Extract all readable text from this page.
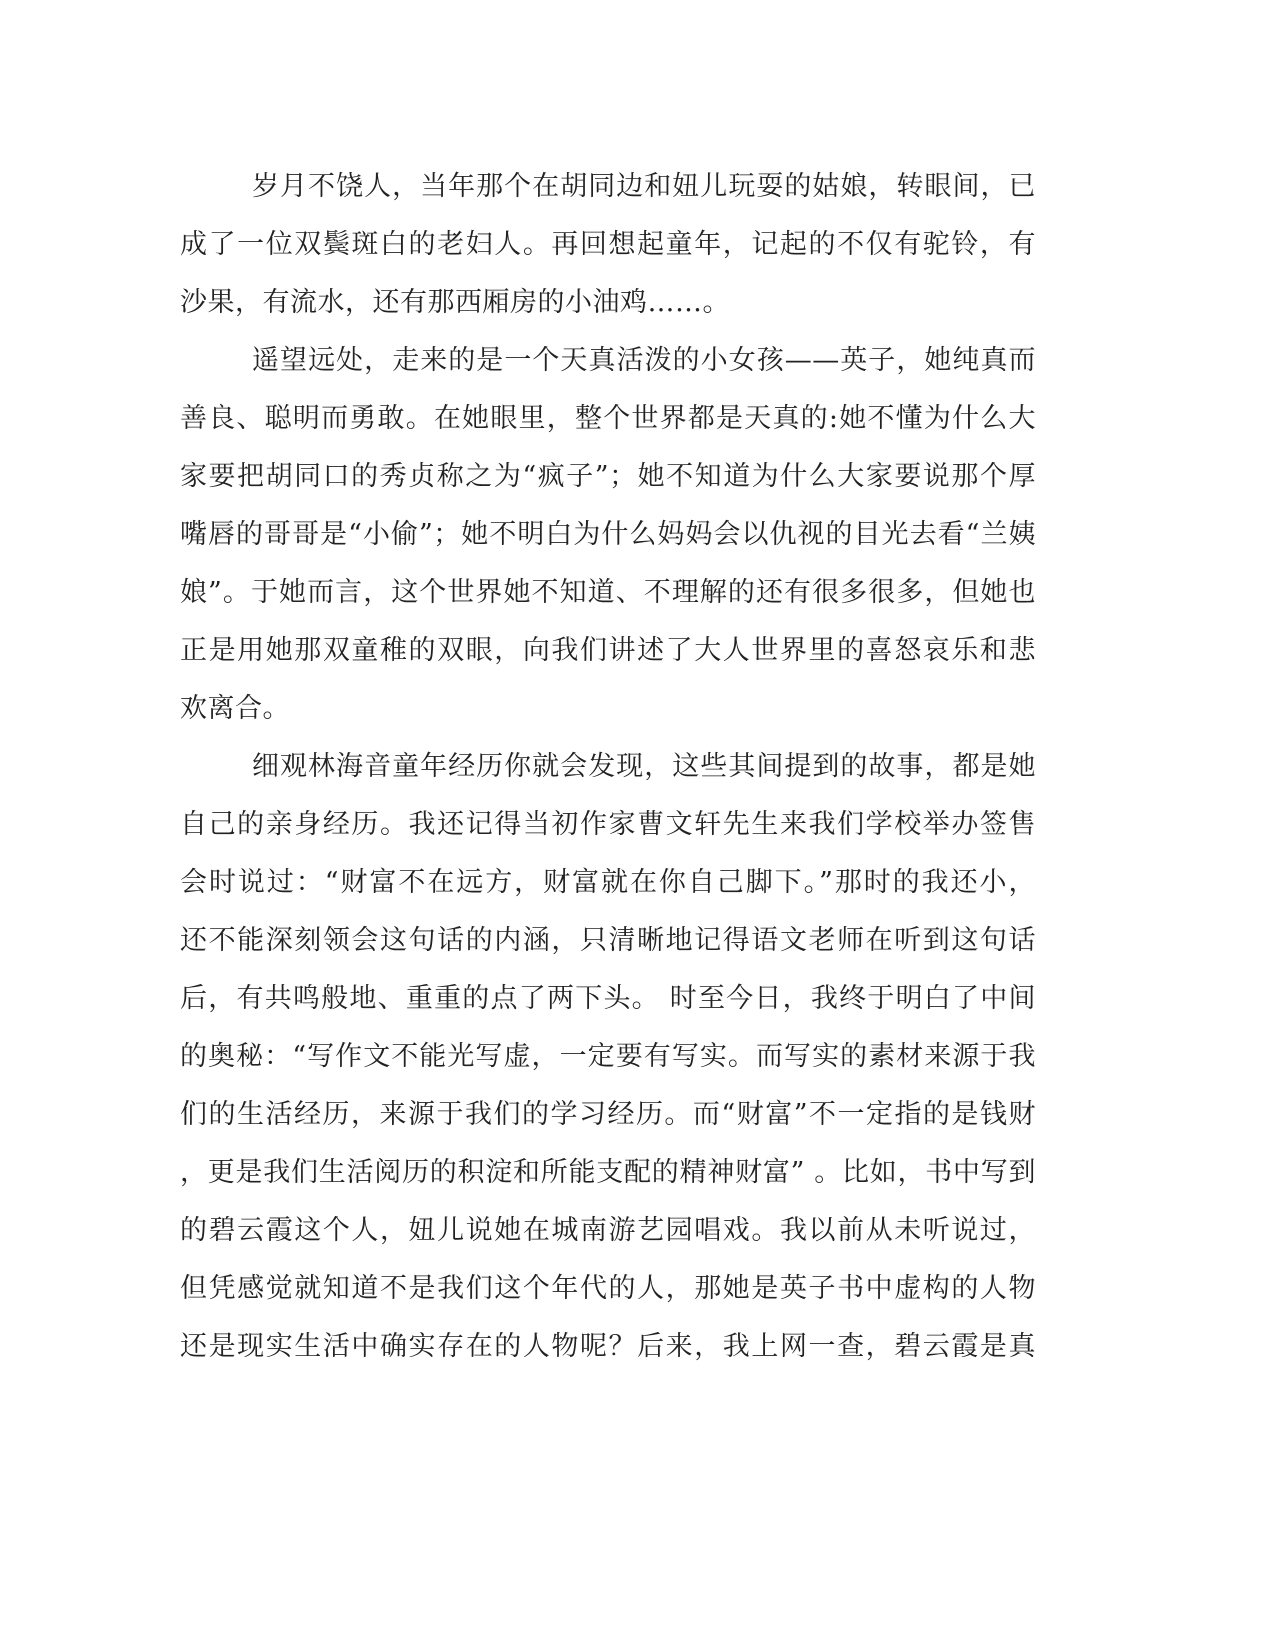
岁月不饶人，当年那个在胡同边和妞儿玩耍的姑娘，转眼间，已
成了一位双鬓斑白的老妇人。再回想起童年，记起的不仅有驼铃，有
沙果，有流水，还有那西厢房的小油鸡……。
遥望远处，走来的是一个天真活泼的小女孩——英子，她纯真而
善良、聪明而勇敢。在她眼里，整个世界都是天真的:她不懂为什么大
家要把胡同口的秀贞称之为“疯子”；她不知道为什么大家要说那个厚
嘴唇的哥哥是“小偷”；她不明白为什么妈妈会以仇视的目光去看“兰姨
娘”。于她而言，这个世界她不知道、不理解的还有很多很多，但她也
正是用她那双童稚的双眼，向我们讲述了大人世界里的喜怒哀乐和悲
欢离合。
细观林海音童年经历你就会发现，这些其间提到的故事，都是她
自己的亲身经历。我还记得当初作家曹文轩先生来我们学校举办签售
会时说过：“财富不在远方，财富就在你自己脚下。”那时的我还小，
还不能深刻领会这句话的内涵，只清晰地记得语文老师在听到这句话
后，有共鸣般地、重重的点了两下头。 时至今日，我终于明白了中间
的奥秘：“写作文不能光写虚，一定要有写实。而写实的素材来源于我
们的生活经历，来源于我们的学习经历。而“财富”不一定指的是钱财
，更是我们生活阅历的积淀和所能支配的精神财富” 。比如，书中写到
的碧云霞这个人，妞儿说她在城南游艺园唱戏。我以前从未听说过，
但凭感觉就知道不是我们这个年代的人，那她是英子书中虚构的人物
还是现实生活中确实存在的人物呢？后来，我上网一查，碧云霞是真
